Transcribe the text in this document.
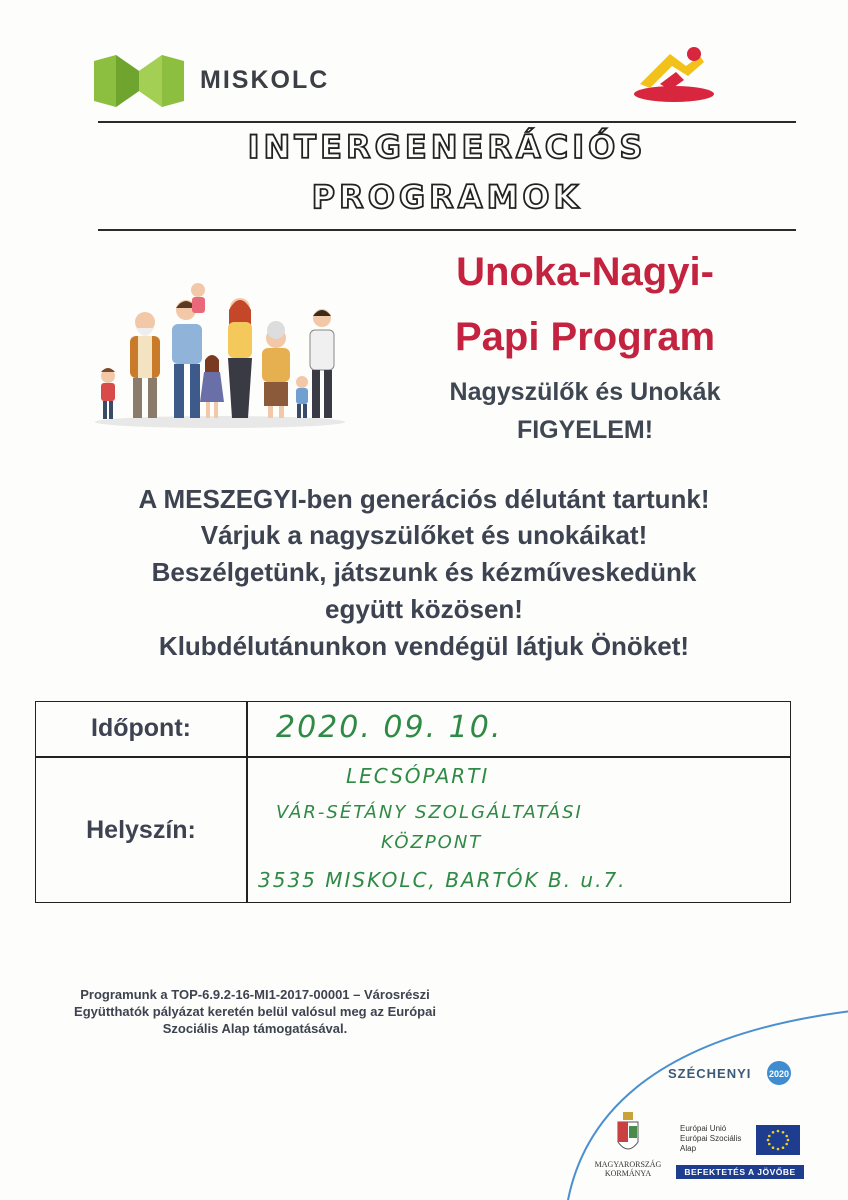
MISKOLC
INTERGENERÁCIÓS
PROGRAMOK
Unoka-Nagyi-
Papi Program
Nagyszülők és Unokák
FIGYELEM!
A MESZEGYI-ben generációs délutánt tartunk!
Várjuk a nagyszülőket és unokáikat!
Beszélgetünk, játszunk és kézműveskedünk
együtt közösen!
Klubdélutánunkon vendégül látjuk Önöket!
Időpont:	2020. 09. 10.
Helyszín:
LECSÓPARTI
VÁR-SÉTÁNY SZOLGÁLTATÁSI
KÖZPONT
3535 MISKOLC, BARTÓK B. u.7.
Programunk a TOP-6.9.2-16-MI1-2017-00001 – Városrészi
Együtthatók pályázat keretén belül valósul meg az Európai
Szociális Alap támogatásával.
SZÉCHENYI 2020
MAGYARORSZÁG
KORMÁNYA
Európai Unió
Európai Szociális
Alap
BEFEKTETÉS A JÖVŐBE
